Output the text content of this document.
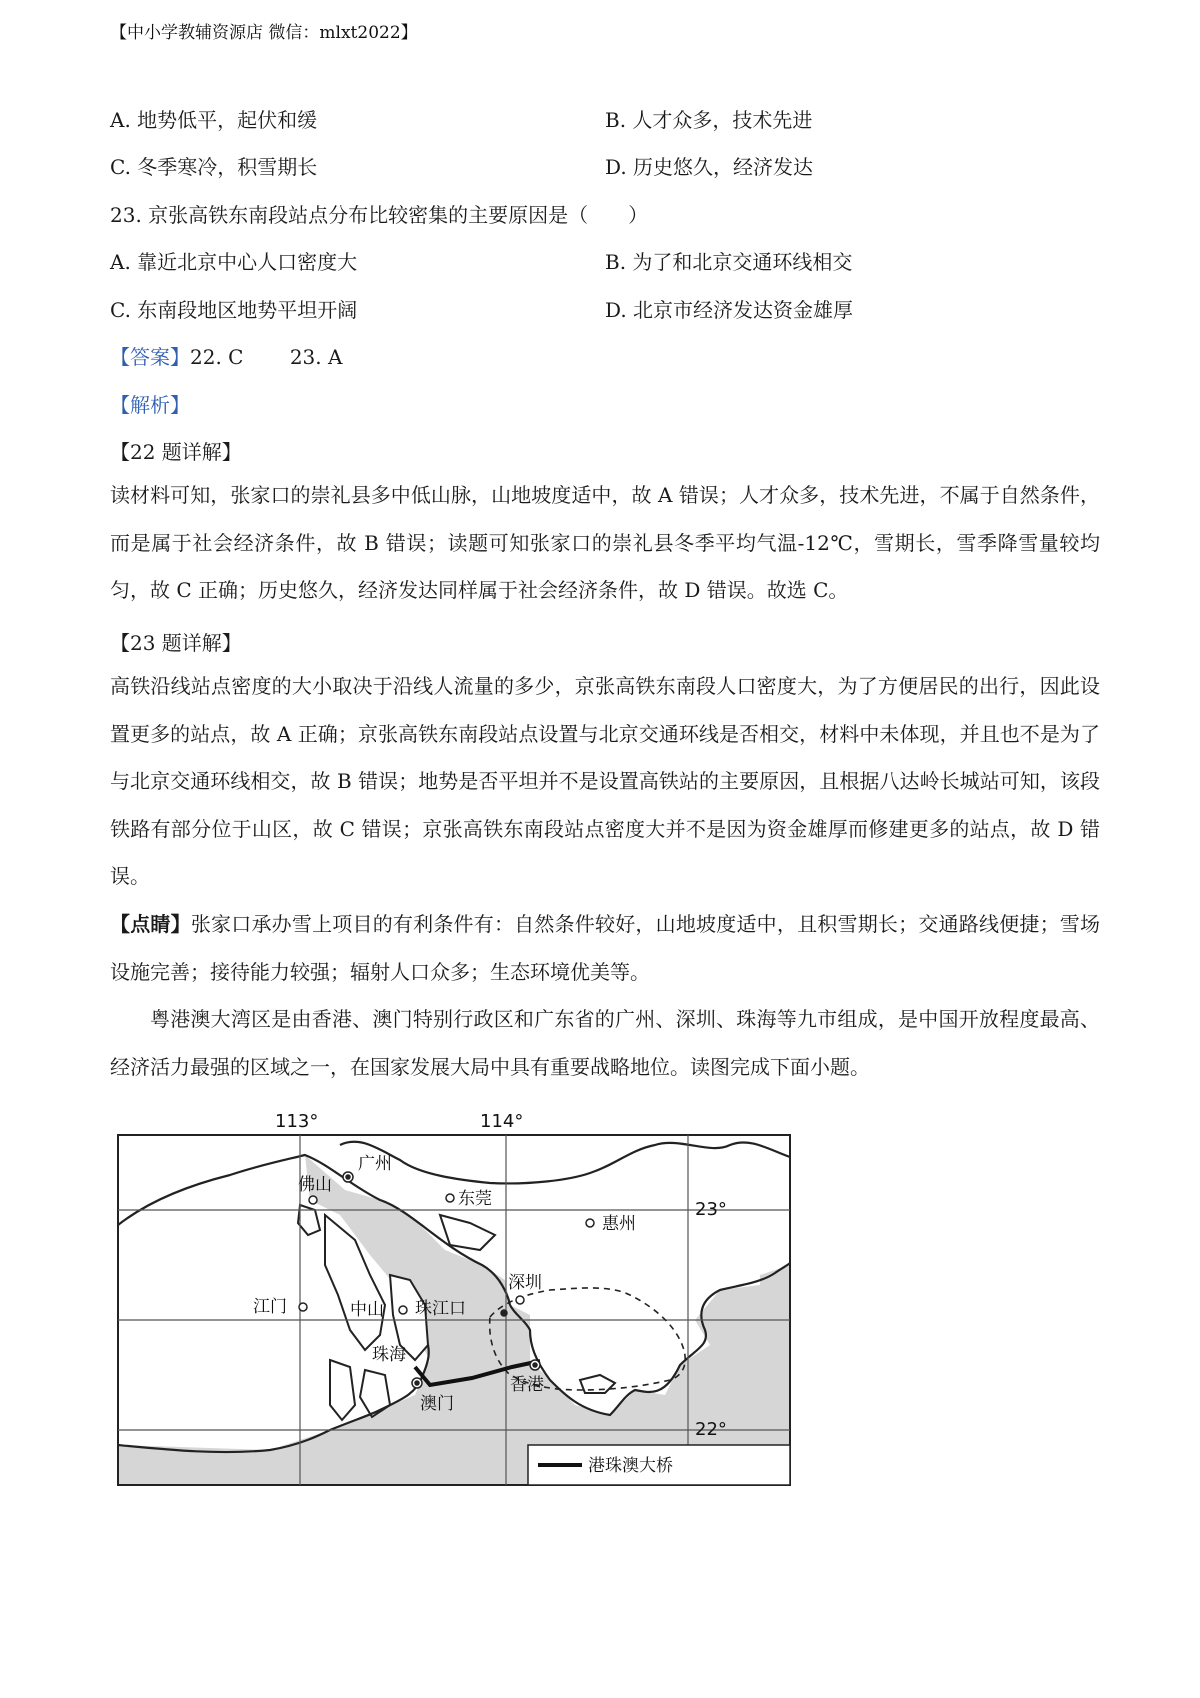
【中小学教辅资源店 微信：mlxt2022】
A. 地势低平，起伏和缓	B. 人才众多，技术先进
C. 冬季寒冷，积雪期长	D. 历史悠久，经济发达
23. 京张高铁东南段站点分布比较密集的主要原因是（　　）
A. 靠近北京中心人口密度大	B. 为了和北京交通环线相交
C. 东南段地区地势平坦开阔	D. 北京市经济发达资金雄厚
【答案】22. C　　 23. A
【解析】
【22 题详解】
读材料可知，张家口的崇礼县多中低山脉，山地坡度适中，故 A 错误；人才众多，技术先进，不属于自然条件，而是属于社会经济条件，故 B 错误；读题可知张家口的崇礼县冬季平均气温-12℃，雪期长，雪季降雪量较均匀，故 C 正确；历史悠久，经济发达同样属于社会经济条件，故 D 错误。故选 C。
【23 题详解】
高铁沿线站点密度的大小取决于沿线人流量的多少，京张高铁东南段人口密度大，为了方便居民的出行，因此设置更多的站点，故 A 正确；京张高铁东南段站点设置与北京交通环线是否相交，材料中未体现，并且也不是为了与北京交通环线相交，故 B 错误；地势是否平坦并不是设置高铁站的主要原因，且根据八达岭长城站可知，该段铁路有部分位于山区，故 C 错误；京张高铁东南段站点密度大并不是因为资金雄厚而修建更多的站点，故 D 错误。
【点睛】张家口承办雪上项目的有利条件有：自然条件较好，山地坡度适中，且积雪期长；交通路线便捷；雪场设施完善；接待能力较强；辐射人口众多；生态环境优美等。
粤港澳大湾区是由香港、澳门特别行政区和广东省的广州、深圳、珠海等九市组成，是中国开放程度最高、经济活力最强的区域之一，在国家发展大局中具有重要战略地位。读图完成下面小题。
113°	114°
23°
22°
广州
佛山
东莞
惠州
深圳
江门	中山 珠江口
珠海
澳门
香港
港珠澳大桥
